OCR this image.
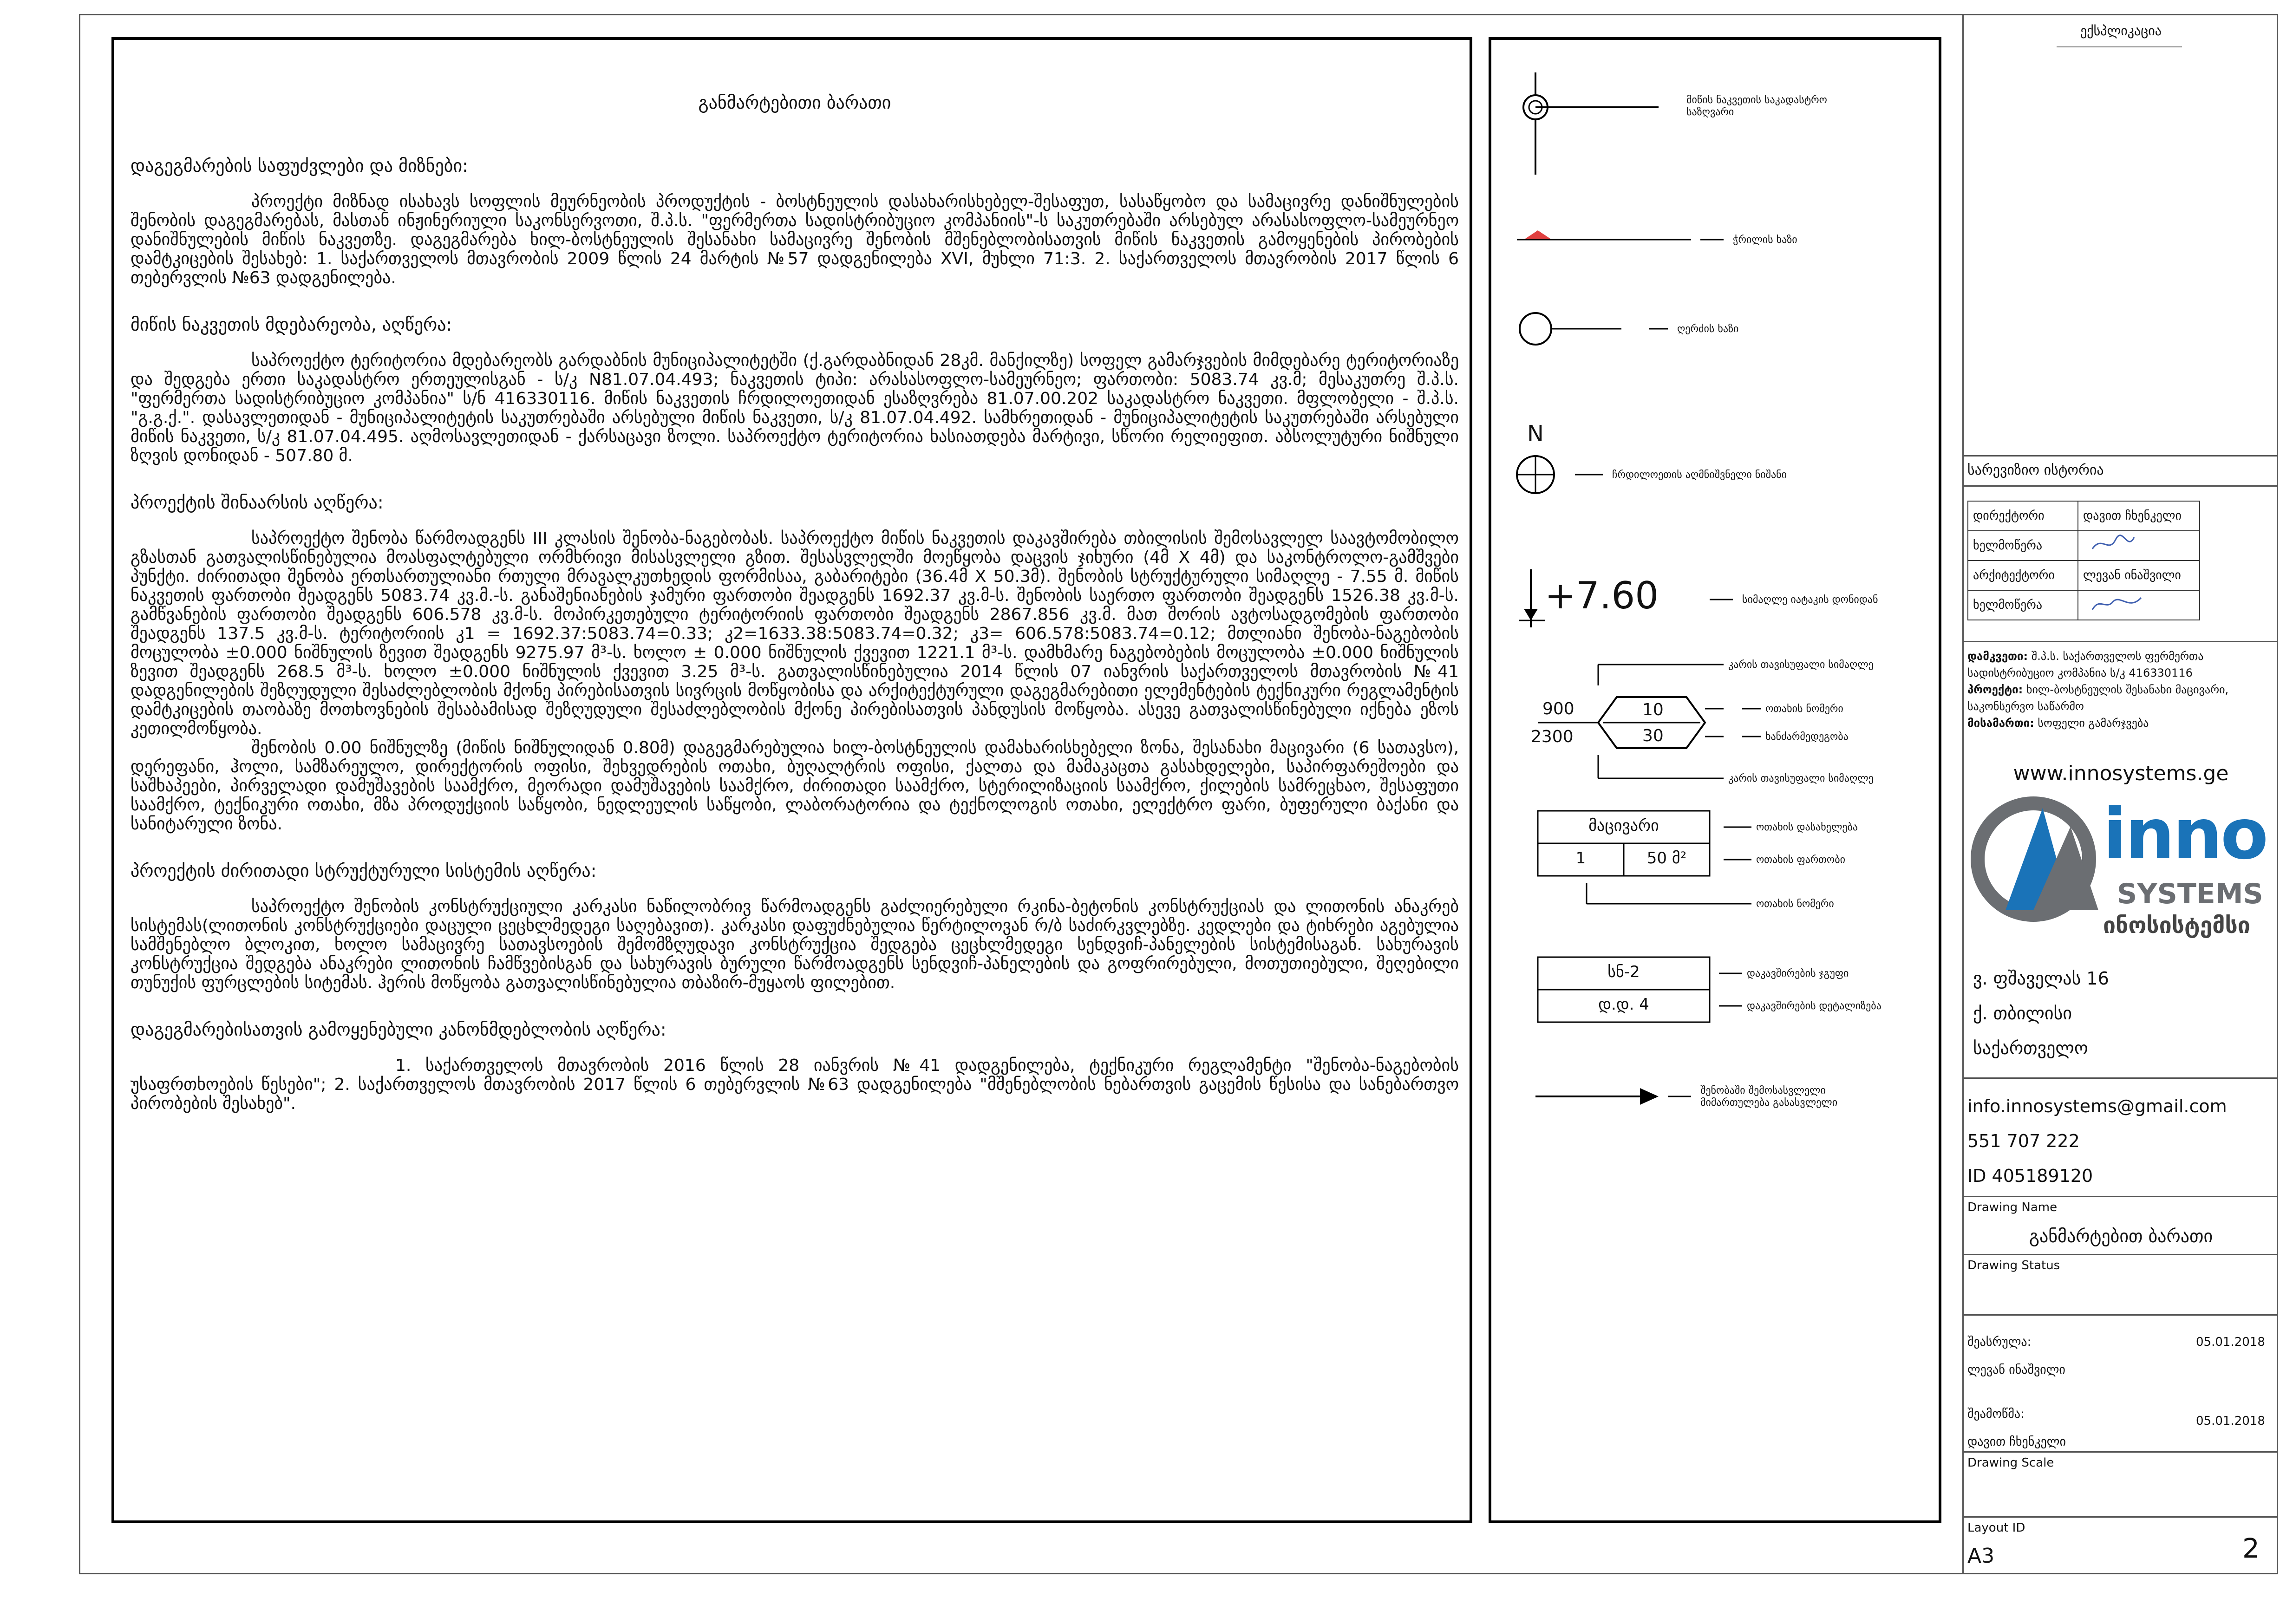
განმარტებითი ბარათი
დაგეგმარების საფუძვლები და მიზნები:

პროექტი მიზნად ისახავს სოფლის მეურნეობის პროდუქტის - ბოსტნეულის დასახარისხებელ-შესაფუთ, სასაწყობო და სამაცივრე დანიშნულების შენობის დაგეგმარებას, მასთან ინჟინერიული საკონსერვოთი, შ.პ.ს. "ფერმერთა სადისტრიბუციო კომპანიის"-ს საკუთრებაში არსებულ არასასოფლო-სამეურნეო დანიშნულების მიწის ნაკვეთზე. დაგეგმარება ხილ-ბოსტნეულის შესანახი სამაცივრე შენობის მშენებლობისათვის მიწის ნაკვეთის გამოყენების პირობების დამტკიცების შესახებ: 1. საქართველოს მთავრობის 2009 წლის 24 მარტის №57 დადგენილება XVI, მუხლი 71:3. 2. საქართველოს მთავრობის 2017 წლის 6 თებერვლის №63 დადგენილება.

მიწის ნაკვეთის მდებარეობა, აღწერა:

საპროექტო ტერიტორია მდებარეობს გარდაბნის მუნიციპალიტეტში (ქ.გარდაბნიდან 28კმ. მანქილზე) სოფელ გამარჯვების მიმდებარე ტერიტორიაზე და შედგება ერთი საკადასტრო ერთეულისგან - ს/კ N81.07.04.493; ნაკვეთის ტიპი: არასასოფლო-სამეურნეო; ფართობი: 5083.74 კვ.მ; მესაკუთრე შ.პ.ს. "ფერმერთა სადისტრიბუციო კომპანია" ს/ნ 416330116. მიწის ნაკვეთის ჩრდილოეთიდან ესაზღვრება 81.07.00.202 საკადასტრო ნაკვეთი. მფლობელი - შ.პ.ს. "გ.გ.ქ.". დასავლეთიდან - მუნიციპალიტეტის საკუთრებაში არსებული მიწის ნაკვეთი, ს/კ 81.07.04.492. სამხრეთიდან - მუნიციპალიტეტის საკუთრებაში არსებული მიწის ნაკვეთი, ს/კ 81.07.04.495. აღმოსავლეთიდან - ქარსაცავი ზოლი. საპროექტო ტერიტორია ხასიათდება მარტივი, სწორი რელიეფით. აბსოლუტური ნიშნული ზღვის დონიდან - 507.80 მ.

პროექტის შინაარსის აღწერა:

საპროექტო შენობა წარმოადგენს III კლასის შენობა-ნაგებობას. საპროექტო მიწის ნაკვეთის დაკავშირება თბილისის შემოსავლელ საავტომობილო გზასთან გათვალისწინებულია მოასფალტებული ორმხრივი მისასვლელი გზით. შესასვლელში მოეწყობა დაცვის ჯიხური (4მ X 4მ) და საკონტროლო-გამშვები პუნქტი. ძირითადი შენობა ერთსართულიანი რთული მრავალკუთხედის ფორმისაა, გაბარიტები (36.4მ X 50.3მ). შენობის სტრუქტურული სიმაღლე - 7.55 მ. მიწის ნაკვეთის ფართობი შეადგენს 5083.74 კვ.მ.-ს. განაშენიანების ჯამური ფართობი შეადგენს 1692.37 კვ.მ-ს. შენობის საერთო ფართობი შეადგენს 1526.38 კვ.მ-ს. გამწვანების ფართობი შეადგენს 606.578 კვ.მ-ს. მოპირკეთებული ტერიტორიის ფართობი შეადგენს 2867.856 კვ.მ. მათ შორის ავტოსადგომების ფართობი შეადგენს 137.5 კვ.მ-ს. ტერიტორიის კ1 = 1692.37:5083.74=0.33; კ2=1633.38:5083.74=0.32; კ3= 606.578:5083.74=0.12; მთლიანი შენობა-ნაგებობის მოცულობა ±0.000 ნიშნულის ზევით შეადგენს 9275.97 მ³-ს. ხოლო ± 0.000 ნიშნულის ქვევით 1221.1 მ³-ს. დამხმარე ნაგებობების მოცულობა ±0.000 ნიშნულის ზევით შეადგენს 268.5 მ³-ს. ხოლო ±0.000 ნიშნულის ქვევით 3.25 მ³-ს. გათვალისწინებულია 2014 წლის 07 იანვრის საქართველოს მთავრობის №41 დადგენილების შეზღუდული შესაძლებლობის მქონე პირებისათვის სივრცის მოწყობისა და არქიტექტურული დაგეგმარებითი ელემენტების ტექნიკური რეგლამენტის დამტკიცების თაობაზე მოთხოვნების შესაბამისად შეზღუდული შესაძლებლობის მქონე პირებისათვის პანდუსის მოწყობა. ასევე გათვალისწინებული იქნება ეზოს კეთილმოწყობა.

შენობის 0.00 ნიშნულზე (მიწის ნიშნულიდან 0.80მ) დაგეგმარებულია ხილ-ბოსტნეულის დამახარისხებელი ზონა, შესანახი მაცივარი (6 სათავსო), დერეფანი, ჰოლი, სამზარეულო, დირექტორის ოფისი, შეხვედრების ოთახი, ბუღალტრის ოფისი, ქალთა და მამაკაცთა გასახდელები, საპირფარეშოები და საშხაპეები, პირველადი დამუშავების საამქრო, მეორადი დამუშავების საამქრო, ძირითადი საამქრო, სტერილიზაციის საამქრო, ქილების სამრეცხაო, შესაფუთი საამქრო, ტექნიკური ოთახი, მზა პროდუქციის საწყობი, ნედლეულის საწყობი, ლაბორატორია და ტექნოლოგის ოთახი, ელექტრო ფარი, ბუფერული ბაქანი და სანიტარული ზონა.

პროექტის ძირითადი სტრუქტურული სისტემის აღწერა:

საპროექტო შენობის კონსტრუქციული კარკასი ნაწილობრივ წარმოადგენს გაძლიერებული რკინა-ბეტონის კონსტრუქციას და ლითონის ანაკრებ სისტემას(ლითონის კონსტრუქციები დაცული ცეცხლმედეგი საღებავით). კარკასი დაფუძნებულია წერტილოვან რ/ბ საძირკვლებზე. კედლები და ტიხრები აგებულია სამშენებლო ბლოკით, ხოლო სამაცივრე სათავსოების შემომზღუდავი კონსტრუქცია შედგება ცეცხლმედეგი სენდვიჩ-პანელების სისტემისაგან. სახურავის კონსტრუქცია შედგება ანაკრები ლითონის ჩამწვებისგან და სახურავის ბურული წარმოადგენს სენდვიჩ-პანელების და გოფრირებული, მოთუთიებული, შეღებილი თუნუქის ფურცლების სიტემას. ჰერის მოწყობა გათვალისწინებულია თბაზირ-მუყაოს ფილებით.

დაგეგმარებისათვის გამოყენებული კანონმდებლობის აღწერა:

1. საქართველოს მთავრობის 2016 წლის 28 იანვრის №41 დადგენილება, ტექნიკური რეგლამენტი "შენობა-ნაგებობის უსაფრთხოების წესები"; 2. საქართველოს მთავრობის 2017 წლის 6 თებერვლის №63 დადგენილება "მშენებლობის ნებართვის გაცემის წესისა და სანებართვო პირობების შესახებ".

მიწის ნაკვეთის საკადასტრო საზღვარი
ჭრილის ხაზი
ღერძის ხაზი
N
ჩრდილოეთის აღმნიშვნელი ნიშანი
+7.60	სიმაღლე იატაკის დონიდან
კარის თავისუფალი სიმაღლე
900
2300
10
30
ოთახის ნომერი
ხანძარმედეგობა
კარის თავისუფალი სიმაღლე
მაცივარი
1	50 მ²
ოთახის დასახელება
ოთახის ფართობი
ოთახის ნომერი
სნ-2
დ.დ. 4
დაკავშირების ჯგუფი
დაკავშირების დეტალიზება
შენობაში შემოსასვლელი მიმართულება გასასვლელი
ექსპლიკაცია
სარევიზიო ისტორია
დირექტორი	დავით ჩხენკელი
ხელმოწერა	
არქიტექტორი	ლევან ინაშვილი
ხელმოწერა	
დამკვეთი: შ.პ.ს. საქართველოს ფერმერთა სადისტრიბუციო კომპანია ს/კ 416330116
პროექტი: ხილ-ბოსტნეულის შესანახი მაცივარი, საკონსერვო საწარმო
მისამართი: სოფელი გამარჯვება
www.innosystems.ge
inno
SYSTEMS
ინოსისტემსი
ვ. ფშაველას 16
ქ. თბილისი
საქართველო
info.innosystems@gmail.com
551 707 222
ID 405189120
Drawing Name
განმარტებით ბარათი
Drawing Status
შეასრულა:	05.01.2018
ლევან ინაშვილი
შეამოწმა:	05.01.2018
დავით ჩხენკელი
Drawing Scale
Layout ID
A3	2
